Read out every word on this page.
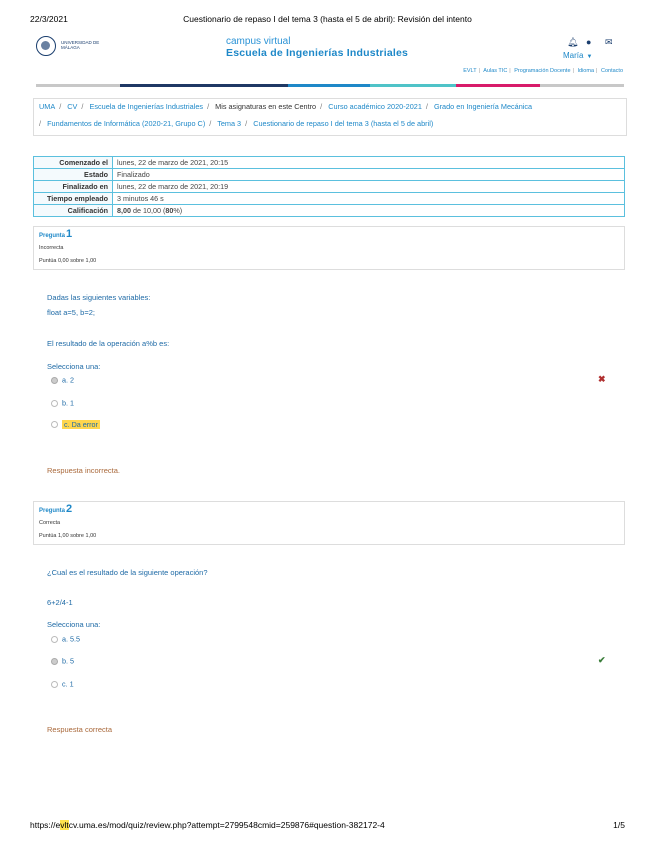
22/3/2021	Cuestionario de repaso I del tema 3 (hasta el 5 de abril): Revisión del intento
UNIVERSIDAD DE MÁLAGA
campus virtual
Escuela de Ingenierías Industriales
🔔︎ ● ✉
María ▼
EVLT | Aulas TIC | Programación Docente | Idioma | Contacto
UMA / CV / Escuela de Ingenierías Industriales / Mis asignaturas en este Centro / Curso académico 2020-2021 / Grado en Ingeniería Mecánica
/ Fundamentos de Informática (2020-21, Grupo C) / Tema 3 / Cuestionario de repaso I del tema 3 (hasta el 5 de abril)
Comenzado el	lunes, 22 de marzo de 2021, 20:15
Estado	Finalizado
Finalizado en	lunes, 22 de marzo de 2021, 20:19
Tiempo empleado	3 minutos 46 s
Calificación	8,00 de 10,00 (80%)
Pregunta1
Incorrecta
Puntúa 0,00 sobre 1,00
Dadas las siguientes variables:
float a=5, b=2;
El resultado de la operación a%b es:
Selecciona una:
a. 2	✖
b. 1
c. Da error
Respuesta incorrecta.
Pregunta2
Correcta
Puntúa 1,00 sobre 1,00
¿Cual es el resultado de la siguiente operación?
6+2/4-1
Selecciona una:
a. 5.5
b. 5	✔
c. 1
Respuesta correcta
https://evltcv.uma.es/mod/quiz/review.php?attempt=2799548cmid=259876#question-382172-4	1/5
